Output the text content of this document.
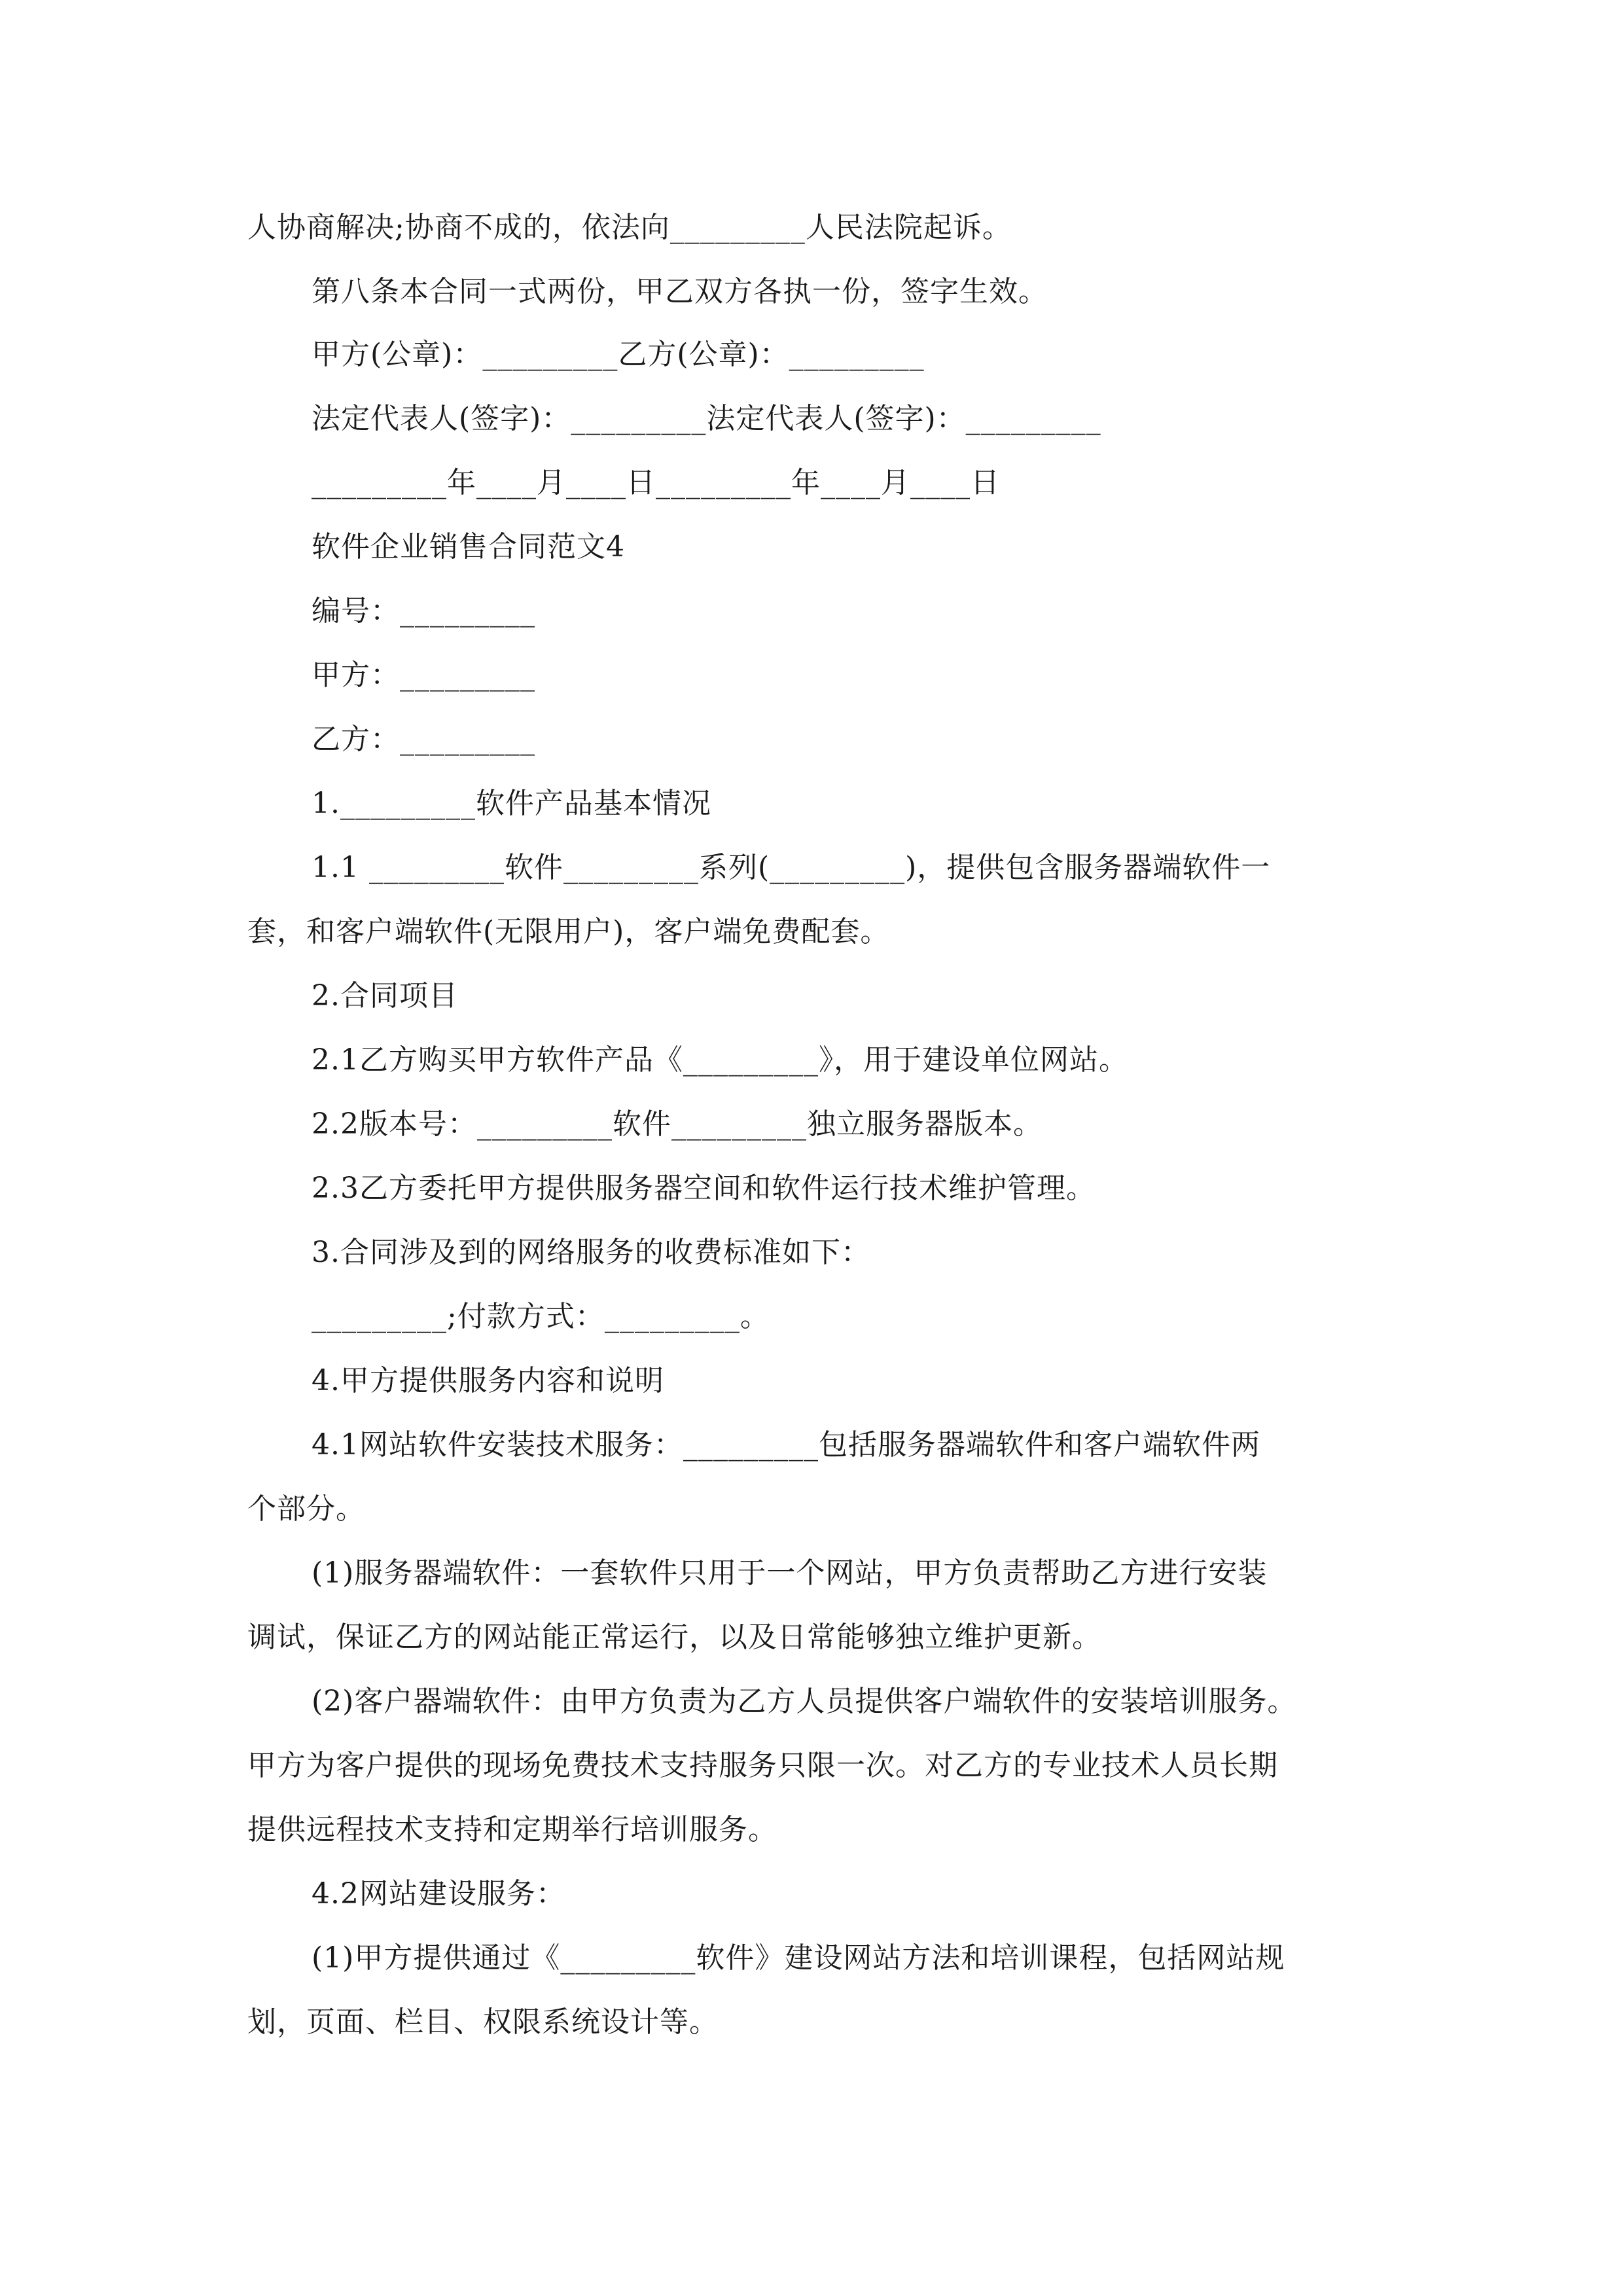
人协商解决;协商不成的，依法向_________人民法院起诉。
第八条本合同一式两份，甲乙双方各执一份，签字生效。
甲方(公章)：_________乙方(公章)：_________
法定代表人(签字)：_________法定代表人(签字)：_________
_________年____月____日_________年____月____日
软件企业销售合同范文4
编号：_________
甲方：_________
乙方：_________
1._________软件产品基本情况
1.1 _________软件_________系列(_________)，提供包含服务器端软件一
套，和客户端软件(无限用户)，客户端免费配套。
2.合同项目
2.1乙方购买甲方软件产品《_________》，用于建设单位网站。
2.2版本号：_________软件_________独立服务器版本。
2.3乙方委托甲方提供服务器空间和软件运行技术维护管理。
3.合同涉及到的网络服务的收费标准如下：
_________;付款方式：_________。
4.甲方提供服务内容和说明
4.1网站软件安装技术服务：_________包括服务器端软件和客户端软件两
个部分。
(1)服务器端软件：一套软件只用于一个网站，甲方负责帮助乙方进行安装
调试，保证乙方的网站能正常运行，以及日常能够独立维护更新。
(2)客户器端软件：由甲方负责为乙方人员提供客户端软件的安装培训服务。
甲方为客户提供的现场免费技术支持服务只限一次。对乙方的专业技术人员长期
提供远程技术支持和定期举行培训服务。
4.2网站建设服务：
(1)甲方提供通过《_________软件》建设网站方法和培训课程，包括网站规
划，页面、栏目、权限系统设计等。
